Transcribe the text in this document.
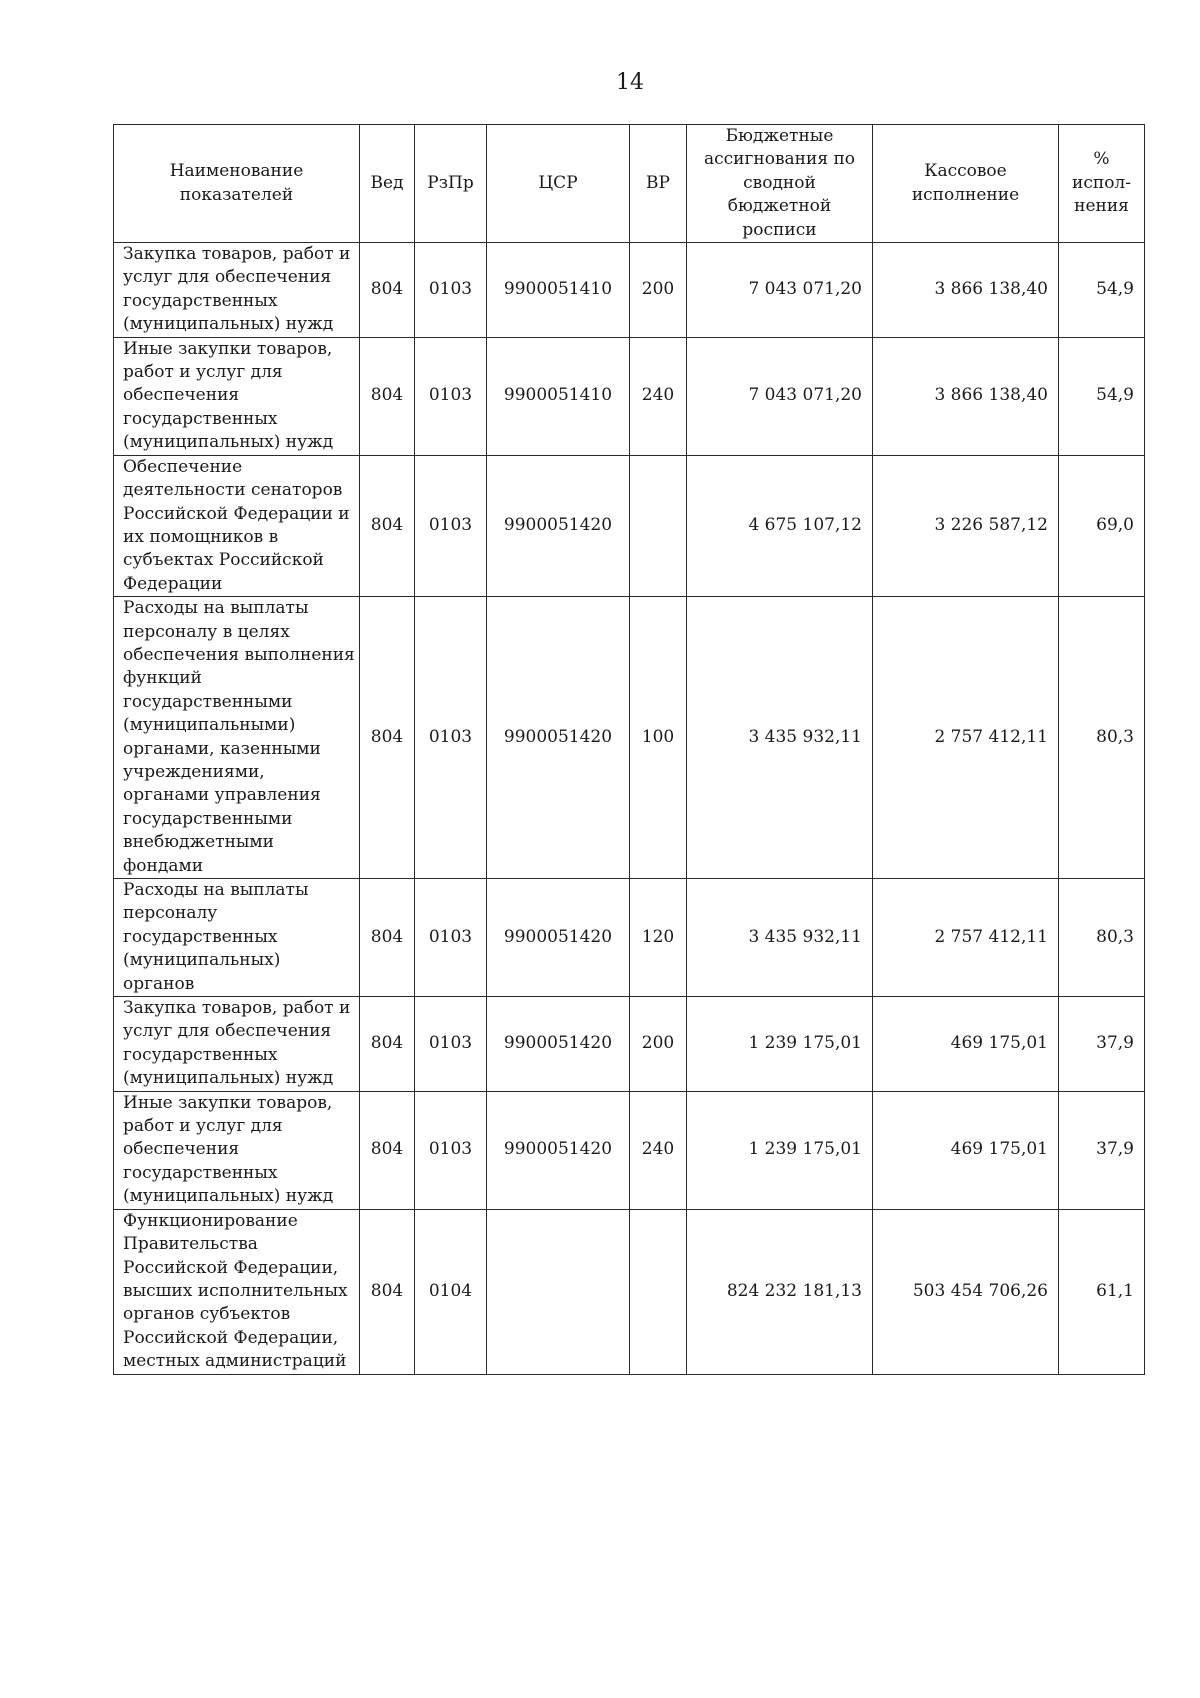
14
Наименование показателей	Вед	РзПр	ЦСР	ВР	Бюджетные ассигнования по сводной бюджетной росписи	Кассовое исполнение	% испол-нения
Закупка товаров, работ и услуг для обеспечения государственных (муниципальных) нужд	804	0103	9900051410	200	7 043 071,20	3 866 138,40	54,9
Иные закупки товаров, работ и услуг для обеспечения государственных (муниципальных) нужд	804	0103	9900051410	240	7 043 071,20	3 866 138,40	54,9
Обеспечение деятельности сенаторов Российской Федерации и их помощников в субъектах Российской Федерации	804	0103	9900051420		4 675 107,12	3 226 587,12	69,0
Расходы на выплаты персоналу в целях обеспечения выполнения функций государственными (муниципальными) органами, казенными учреждениями, органами управления государственными внебюджетными фондами	804	0103	9900051420	100	3 435 932,11	2 757 412,11	80,3
Расходы на выплаты персоналу государственных (муниципальных) органов	804	0103	9900051420	120	3 435 932,11	2 757 412,11	80,3
Закупка товаров, работ и услуг для обеспечения государственных (муниципальных) нужд	804	0103	9900051420	200	1 239 175,01	469 175,01	37,9
Иные закупки товаров, работ и услуг для обеспечения государственных (муниципальных) нужд	804	0103	9900051420	240	1 239 175,01	469 175,01	37,9
Функционирование Правительства Российской Федерации, высших исполнительных органов субъектов Российской Федерации, местных администраций	804	0104			824 232 181,13	503 454 706,26	61,1
